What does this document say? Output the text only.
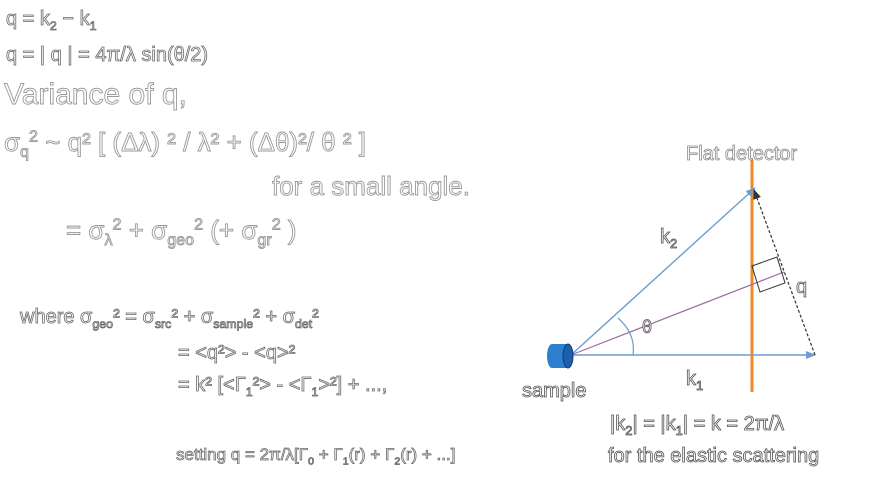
$q = k_2 - k_1$
q = | q | = 4π/λ sin(θ/2)
Variance of q,
$\sigma_q^2$ ~ q² [ (Δλ) ² / λ² + (Δθ)²/ θ ² ]
for a small angle.
= $\sigma_\lambda^2 + \sigma_{geo}^2$ (+ $\sigma_{gr}^2$ )
where $\sigma_{geo}^2 = \sigma_{src}^2 + \sigma_{sample}^2 + \sigma_{det}^2$
= <q²> - <q>²
= k² $[<\Gamma_1^2> - <\Gamma_1>^2]$ + ...,
setting $q = 2\pi/\lambda[\Gamma_0 + \Gamma_1(r) + \Gamma_2(r)$ + ...]
Flat detector
$k_2$
$k_1$
q
θ
sample
$|k_2| = |k_1| = k = 2\pi/\lambda$
for the elastic scattering
